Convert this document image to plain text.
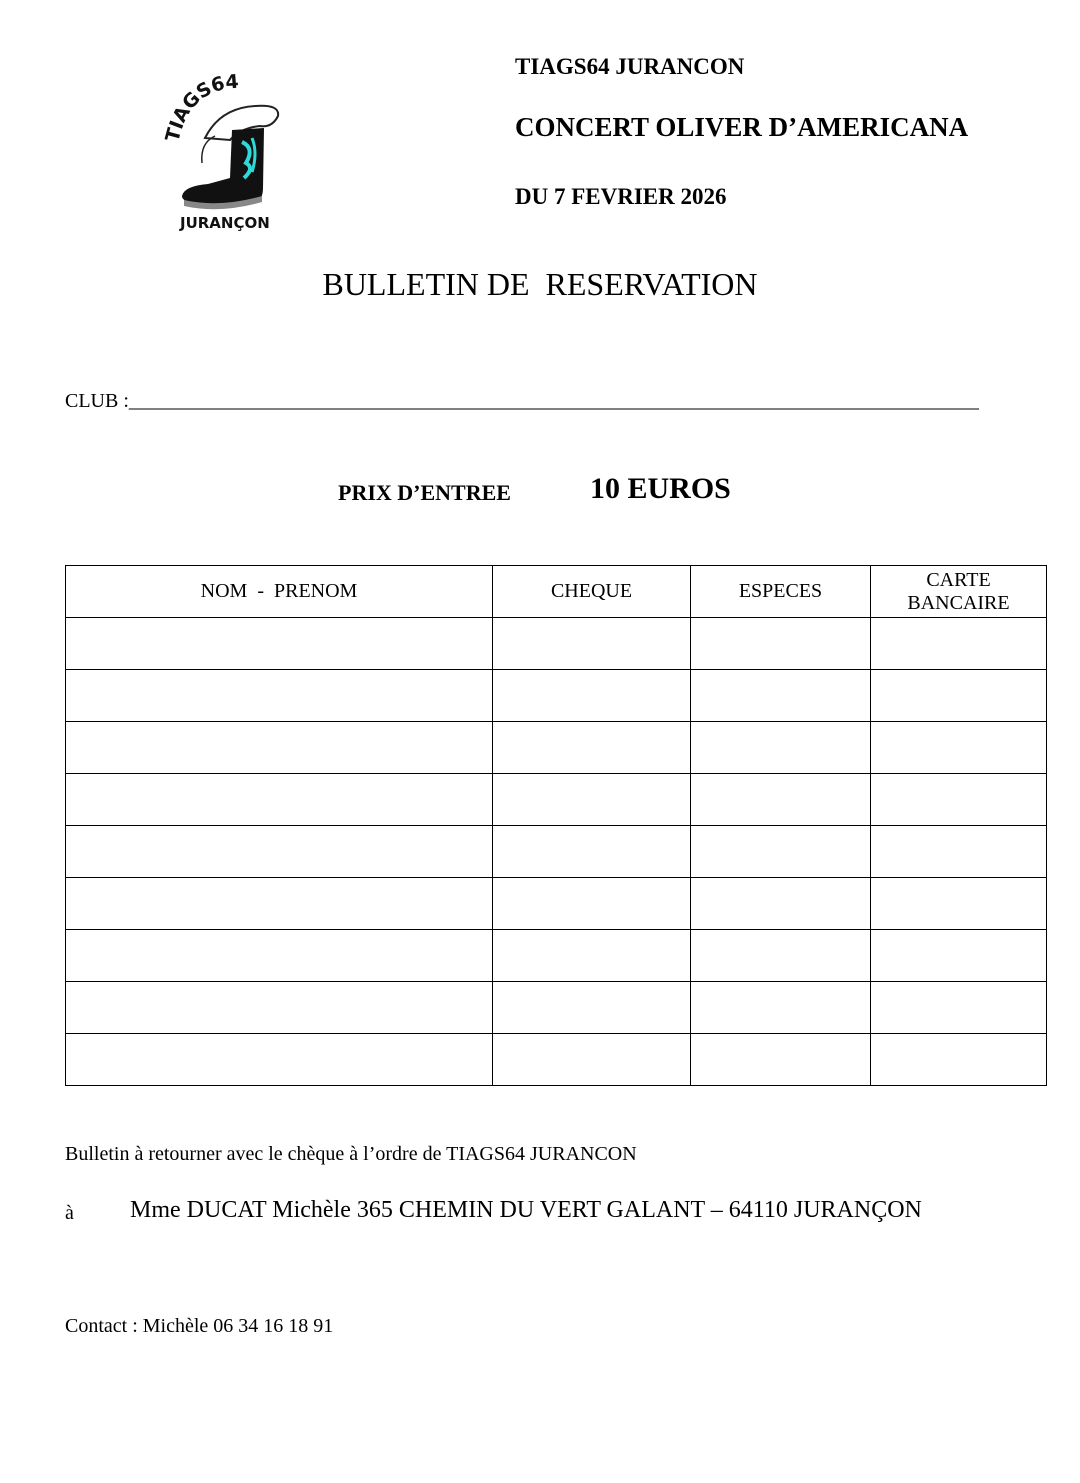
TIAGS64
JURANÇON
TIAGS64 JURANCON
CONCERT OLIVER D’AMERICANA
DU 7 FEVRIER 2026
BULLETIN DE  RESERVATION
CLUB :_____________________________________________________________________________________
PRIX D’ENTREE	10 EUROS
NOM  -  PRENOM	CHEQUE	ESPECES	CARTE
BANCAIRE

Bulletin à retourner avec le chèque à l’ordre de TIAGS64 JURANCON
à Mme DUCAT Michèle 365 CHEMIN DU VERT GALANT – 64110 JURANÇON
Contact : Michèle 06 34 16 18 91
